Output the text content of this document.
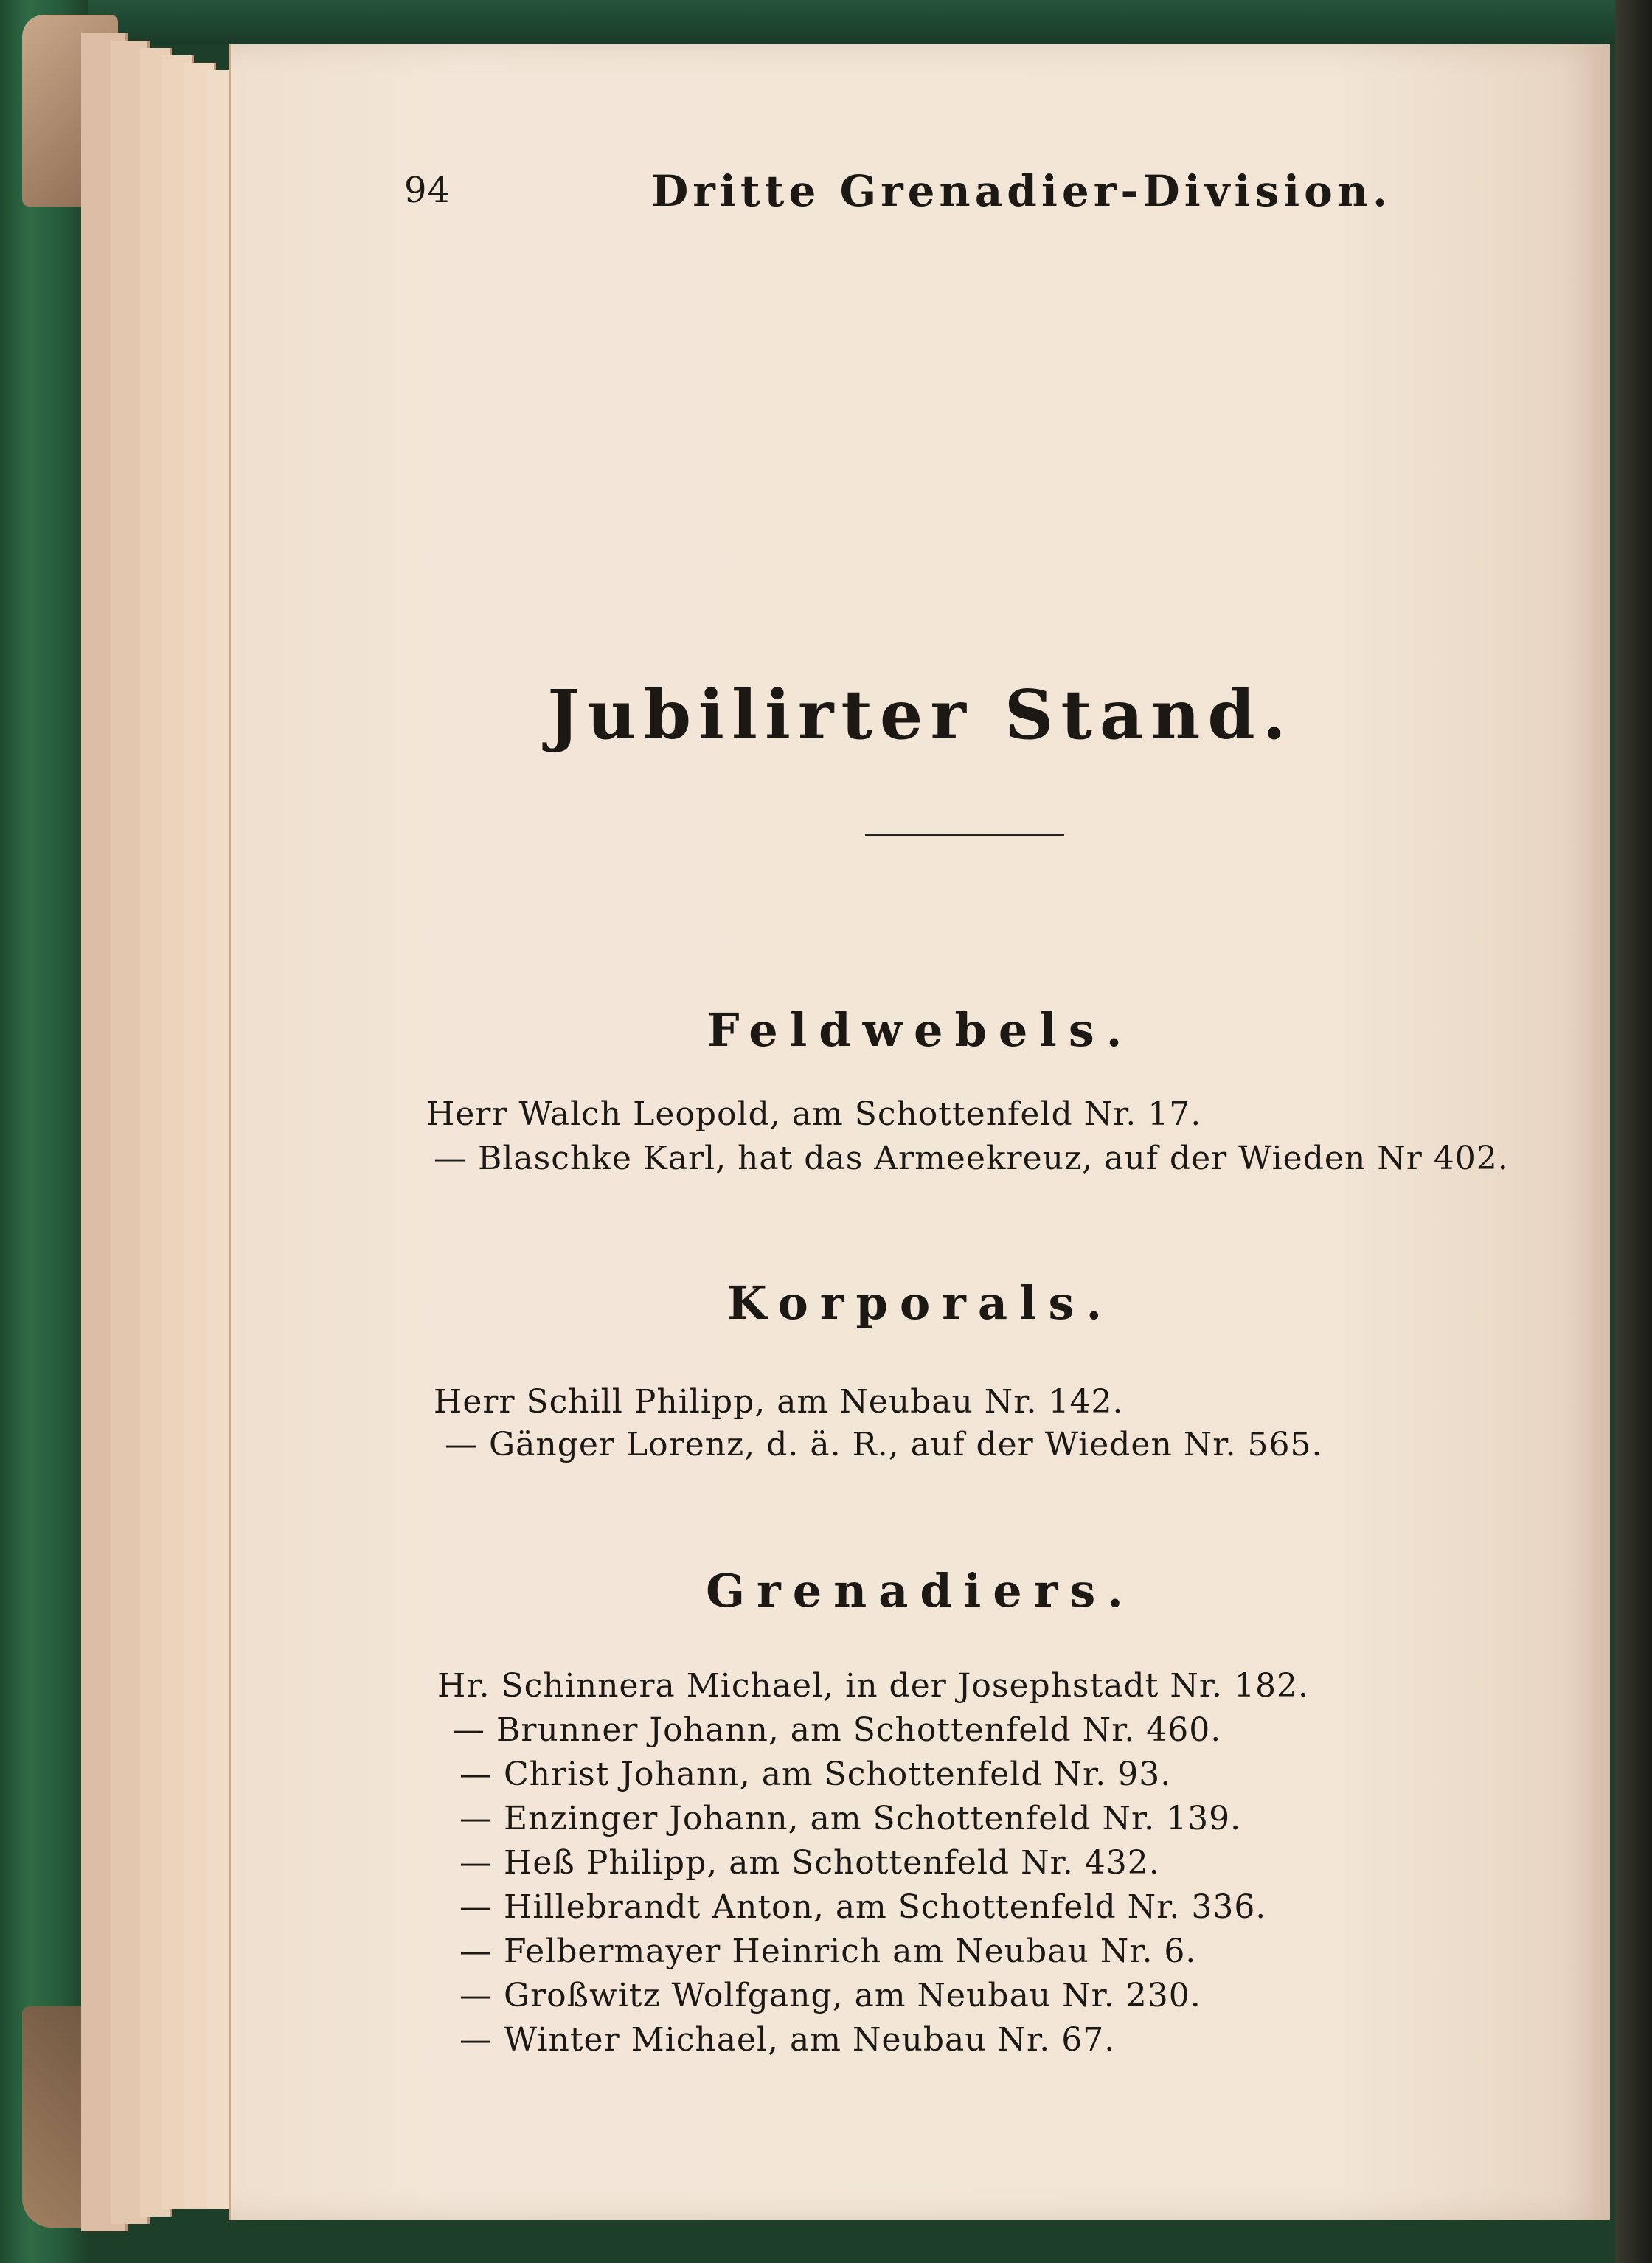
94	Dritte Grenadier-Division.
Jubilirter Stand.
Feldwebels.
Herr Walch Leopold, am Schottenfeld Nr. 17.
— Blaschke Karl, hat das Armeekreuz, auf der Wieden Nr 402.
Korporals.
Herr Schill Philipp, am Neubau Nr. 142.
— Gänger Lorenz, d. ä. R., auf der Wieden Nr. 565.
Grenadiers.
Hr. Schinnera Michael, in der Josephstadt Nr. 182.
— Brunner Johann, am Schottenfeld Nr. 460.
— Christ Johann, am Schottenfeld Nr. 93.
— Enzinger Johann, am Schottenfeld Nr. 139.
— Heß Philipp, am Schottenfeld Nr. 432.
— Hillebrandt Anton, am Schottenfeld Nr. 336.
— Felbermayer Heinrich am Neubau Nr. 6.
— Großwitz Wolfgang, am Neubau Nr. 230.
— Winter Michael, am Neubau Nr. 67.
